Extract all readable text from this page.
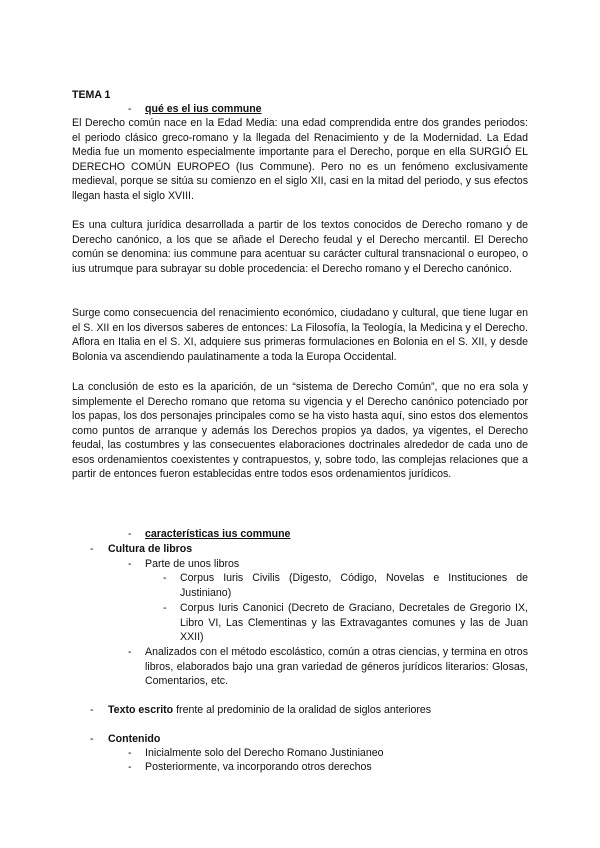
TEMA 1
- qué es el ius commune
El Derecho común nace en la Edad Media: una edad comprendida entre dos grandes periodos: el periodo clásico greco-romano y la llegada del Renacimiento y de la Modernidad. La Edad Media fue un momento especialmente importante para el Derecho, porque en ella SURGIÓ EL DERECHO COMÚN EUROPEO (Ius Commune). Pero no es un fenómeno exclusivamente medieval, porque se sitúa su comienzo en el siglo XII, casi en la mitad del periodo, y sus efectos llegan hasta el siglo XVIII.
Es una cultura jurídica desarrollada a partir de los textos conocidos de Derecho romano y de Derecho canónico, a los que se añade el Derecho feudal y el Derecho mercantil. El Derecho común se denomina: ius commune para acentuar su carácter cultural transnacional o europeo, o ius utrumque para subrayar su doble procedencia: el Derecho romano y el Derecho canónico.
Surge como consecuencia del renacimiento económico, ciudadano y cultural, que tiene lugar en el S. XII en los diversos saberes de entonces: La Filosofía, la Teología, la Medicina y el Derecho. Aflora en Italia en el S. XI, adquiere sus primeras formulaciones en Bolonia en el S. XII, y desde Bolonia va ascendiendo paulatinamente a toda la Europa Occidental.
La conclusión de esto es la aparición, de un “sistema de Derecho Común”, que no era sola y simplemente el Derecho romano que retoma su vigencia y el Derecho canónico potenciado por los papas, los dos personajes principales como se ha visto hasta aquí, sino estos dos elementos como puntos de arranque y además los Derechos propios ya dados, ya vigentes, el Derecho feudal, las costumbres y las consecuentes elaboraciones doctrinales alrededor de cada uno de esos ordenamientos coexistentes y contrapuestos, y, sobre todo, las complejas relaciones que a partir de entonces fueron establecidas entre todos esos ordenamientos jurídicos.
- características ius commune
- Cultura de libros
- Parte de unos libros
- Corpus Iuris Civilis (Digesto, Código, Novelas e Instituciones de Justiniano)
- Corpus Iuris Canonici (Decreto de Graciano, Decretales de Gregorio IX, Libro VI, Las Clementinas y las Extravagantes comunes y las de Juan XXII)
- Analizados con el método escolástico, común a otras ciencias, y termina en otros libros, elaborados bajo una gran variedad de géneros jurídicos literarios: Glosas, Comentarios, etc.
- Texto escrito frente al predominio de la oralidad de siglos anteriores
- Contenido
- Inicialmente solo del Derecho Romano Justinianeo
- Posteriormente, va incorporando otros derechos
